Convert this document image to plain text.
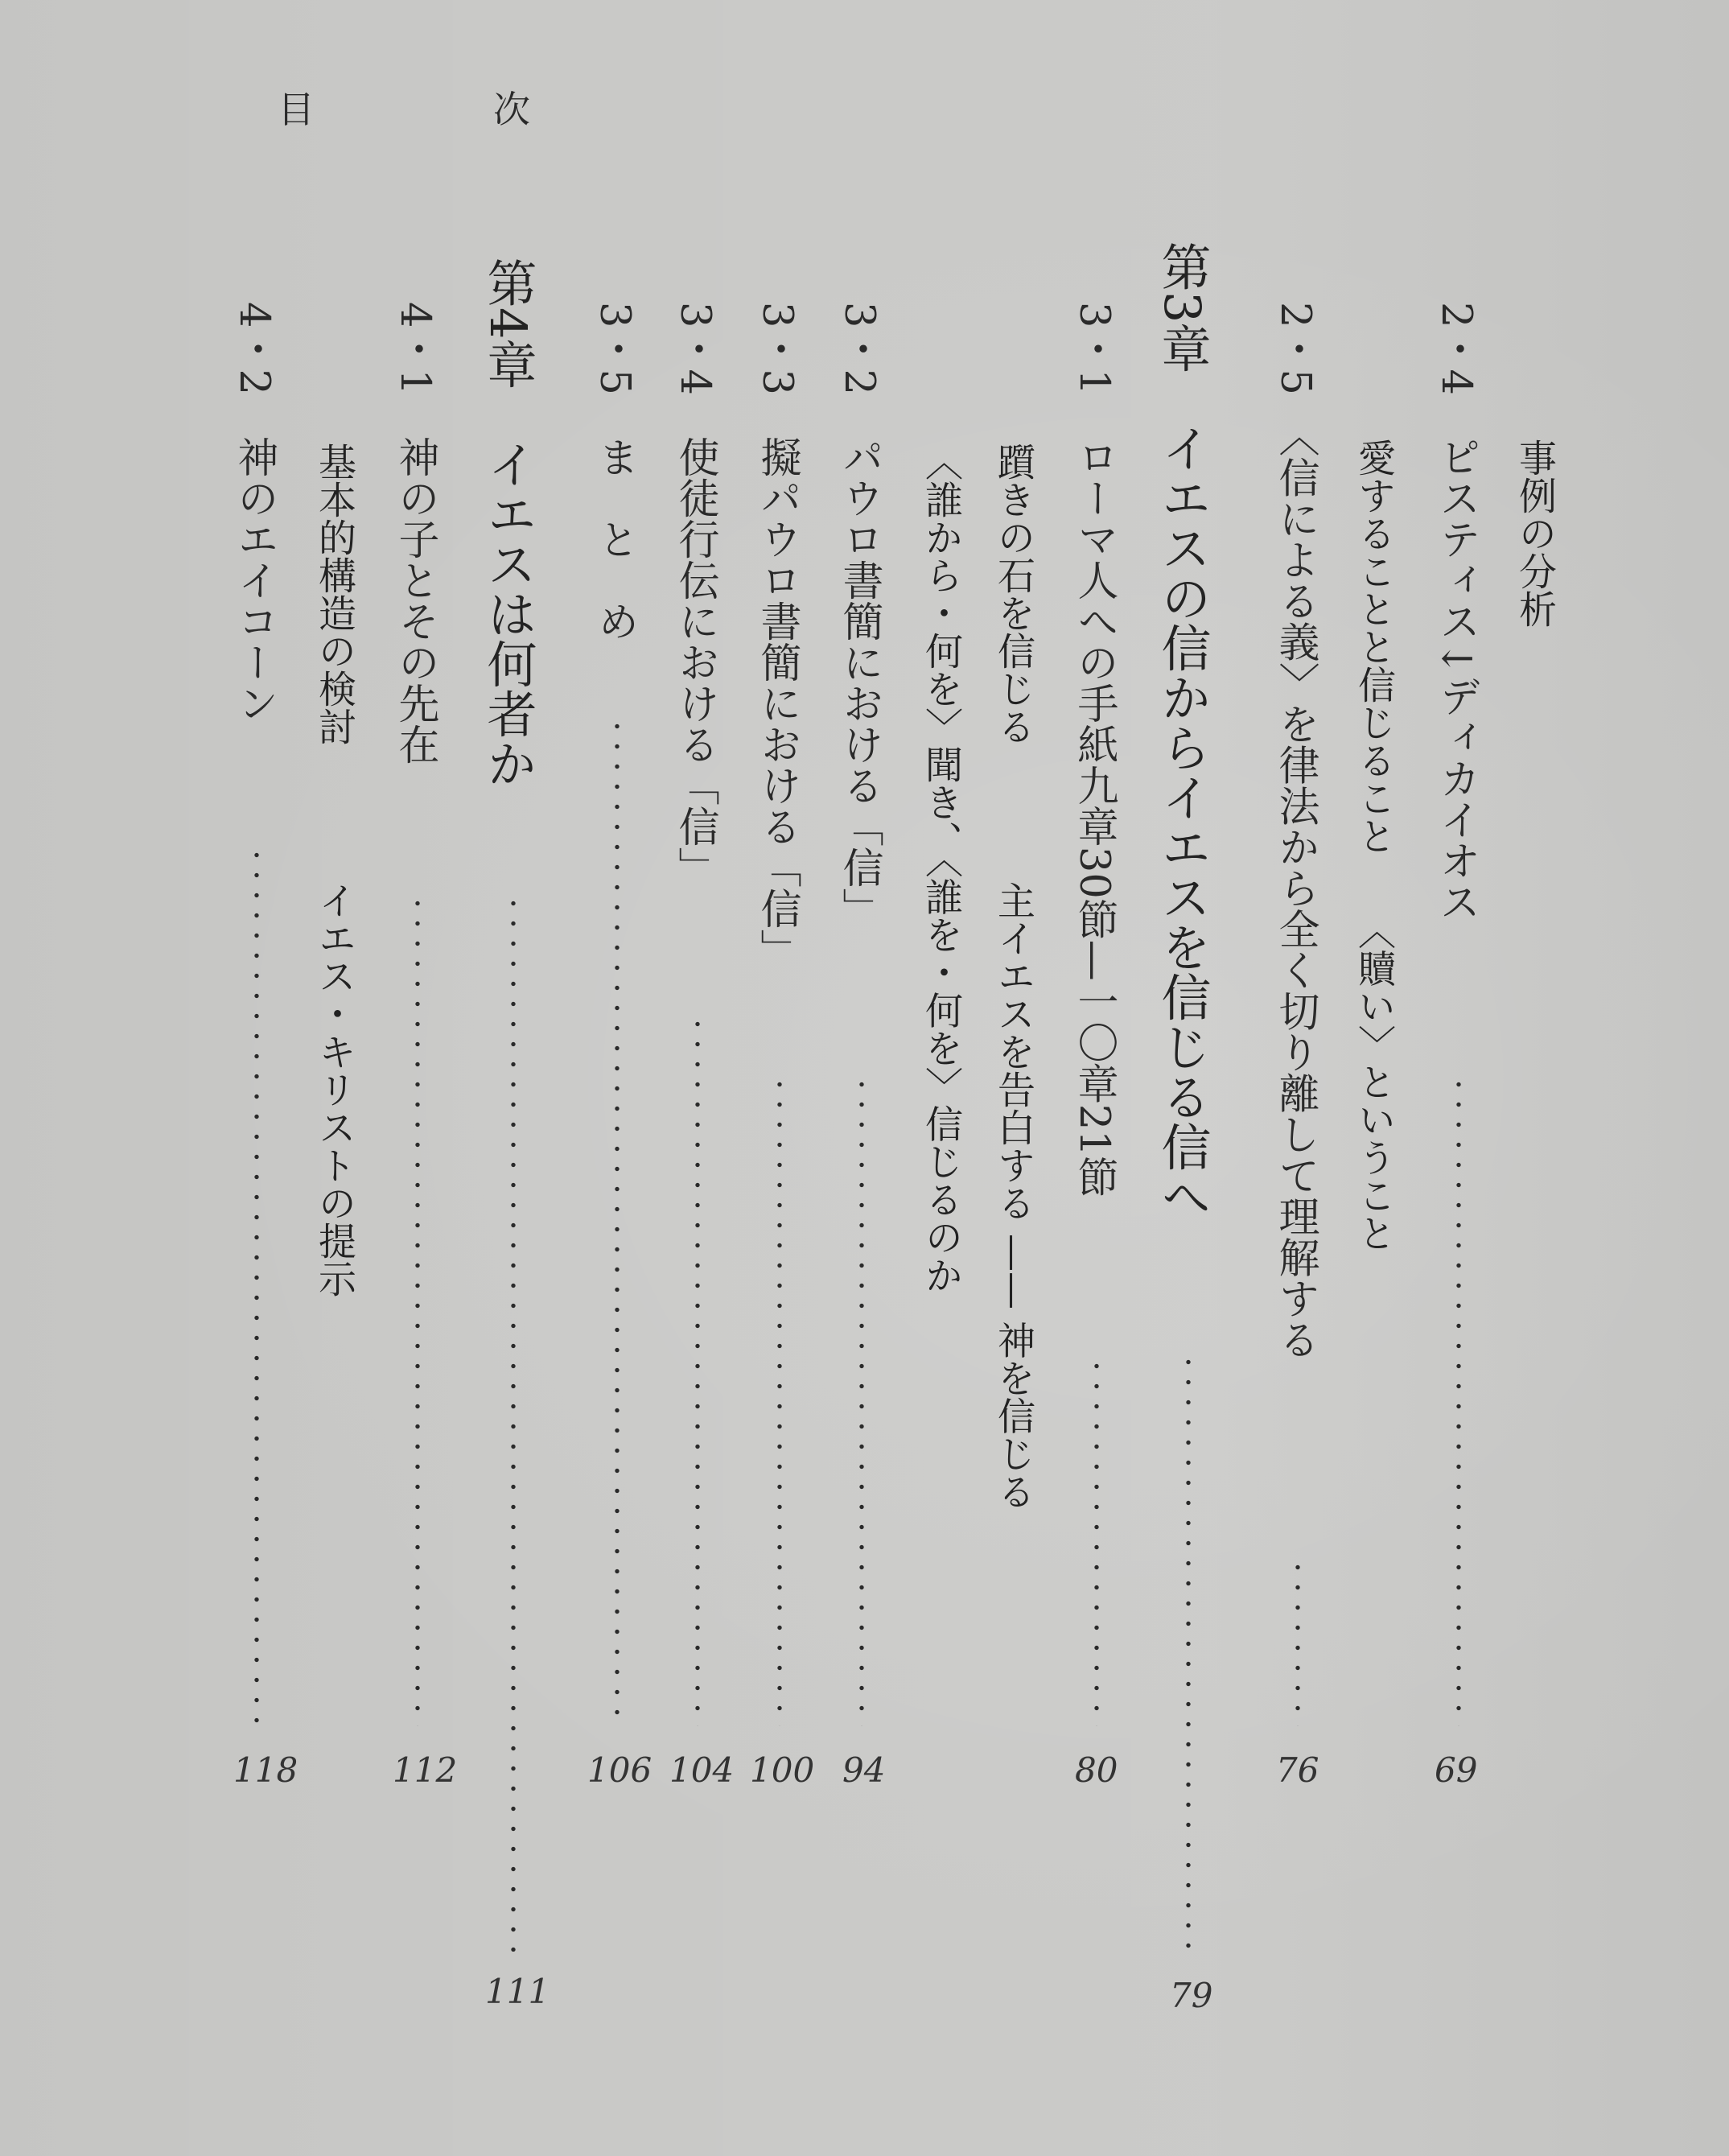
目　次
事例の分析
2・4　ピスティス↓ディカイオス
69
愛することと信じること　　〈贖い〉ということ
2・5　〈信による義〉を律法から全く切り離して理解する
76
第3章　イエスの信からイエスを信じる信へ
79
3・1　ローマ人への手紙九章30節—一〇章21節
80
主イエスを告白する —— 神を信じる
躓きの石を信じる
〈誰から・何を〉聞き、〈誰を・何を〉信じるのか
3・2　パウロ書簡における「信」
94
3・3　擬パウロ書簡における「信」
100
3・4　使徒行伝における「信」
104
3・5　ま　と　め
106
第4章　イエスは何者か
111
4・1　神の子とその先在
112
イエス・キリストの提示
基本的構造の検討
4・2　神のエイコーン
118
